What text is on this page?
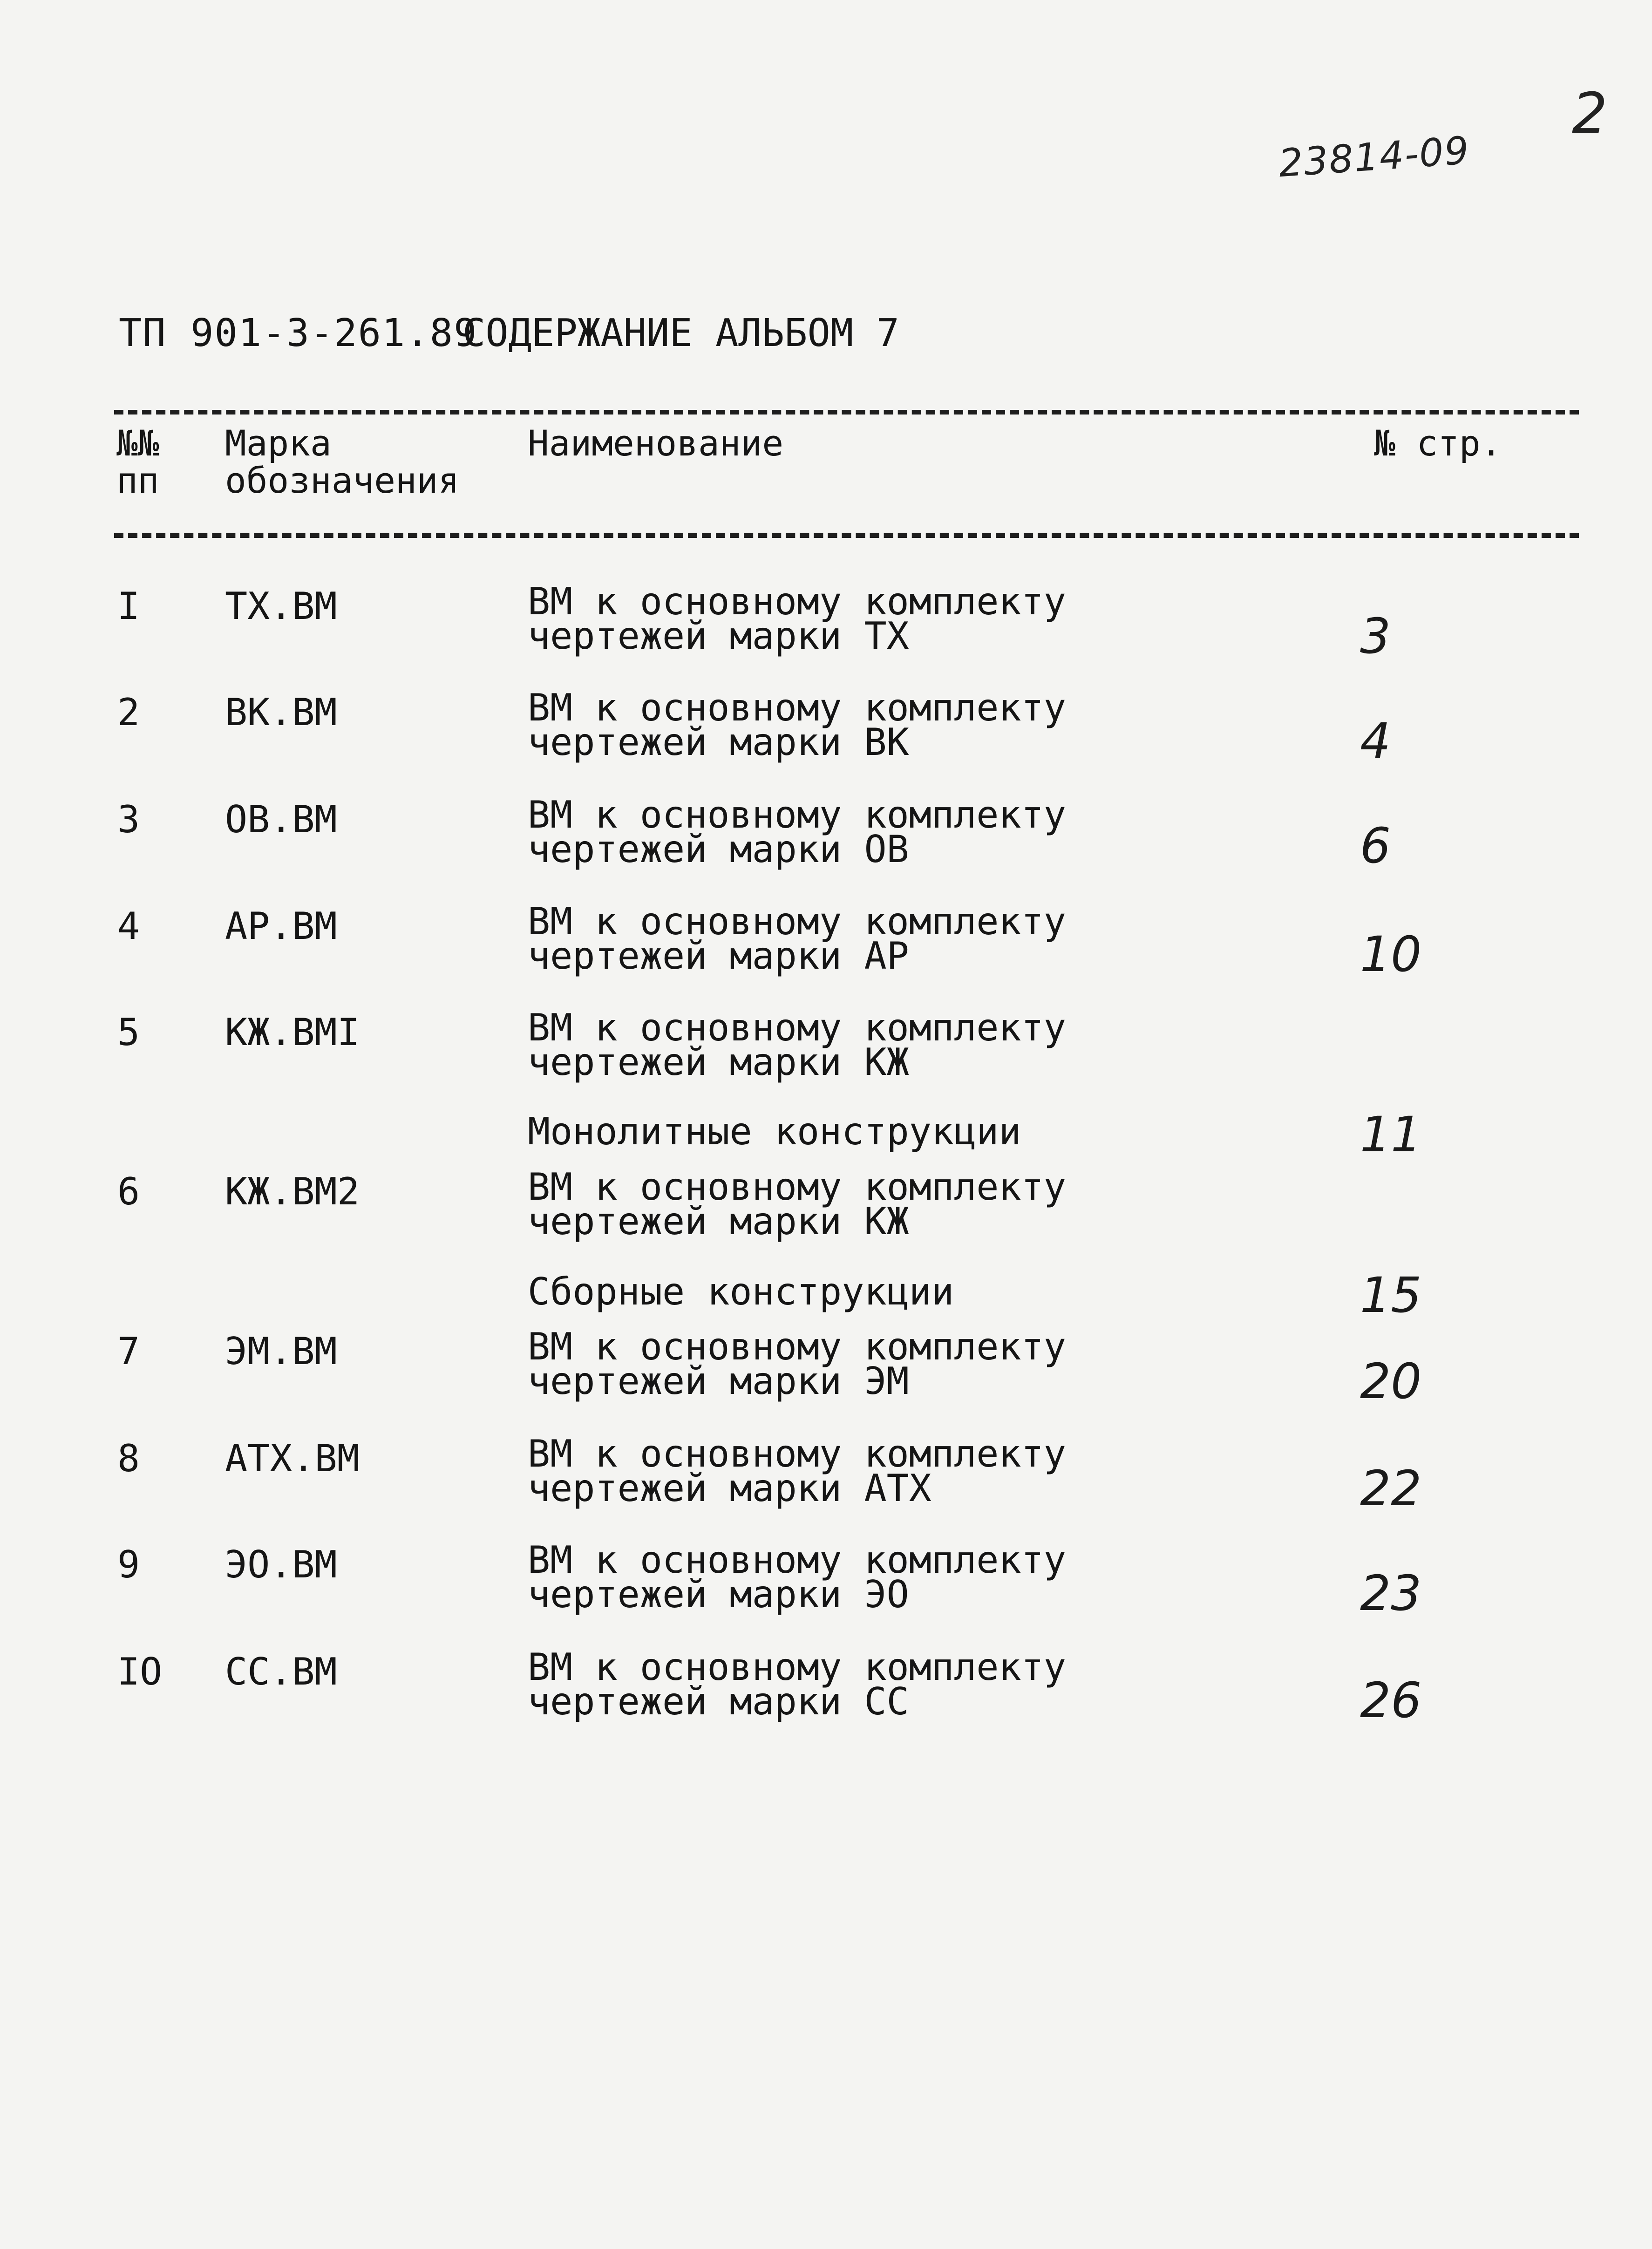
2
23814-09
ТП 901-3-261.89
СОДЕРЖАНИЕ АЛЬБОМ 7
№№ пп
Марка обозначения
Наименование	№ стр.
I ТХ.ВМ	ВМ к основному комплекту
чертежей марки ТХ	3
2 ВК.ВМ	ВМ к основному комплекту
чертежей марки ВК	4
3 ОВ.ВМ	ВМ к основному комплекту
чертежей марки ОВ	6
4 АР.ВМ	ВМ к основному комплекту
чертежей марки АР	10
5 КЖ.ВМI	ВМ к основному комплекту
чертежей марки КЖ
Монолитные конструкции	11
6 КЖ.ВМ2	ВМ к основному комплекту
чертежей марки КЖ
Сборные конструкции	15
7 ЭМ.ВМ	ВМ к основному комплекту
чертежей марки ЭМ	20
8 АТХ.ВМ	ВМ к основному комплекту
чертежей марки АТХ	22
9 ЭО.ВМ	ВМ к основному комплекту
чертежей марки ЭО	23
IО СС.ВМ	ВМ к основному комплекту
чертежей марки СС	26
